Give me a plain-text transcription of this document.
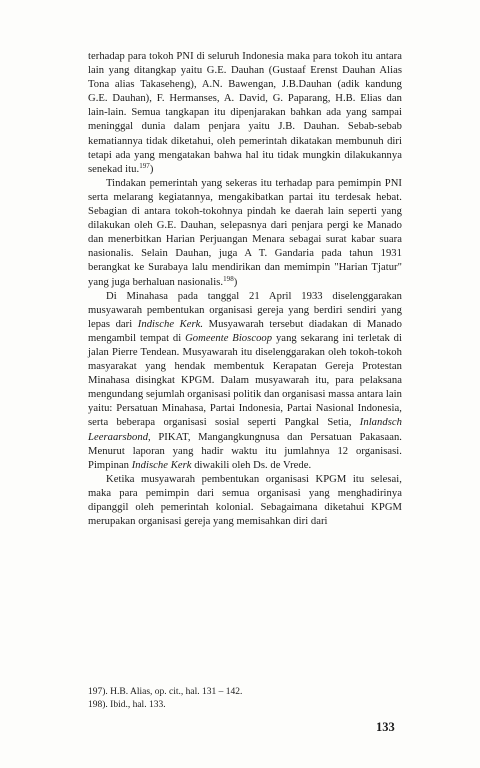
terhadap para tokoh PNI di seluruh Indonesia maka para tokoh itu antara lain yang ditangkap yaitu G.E. Dauhan (Gustaaf Erenst Dauhan Alias Tona alias Takaseheng), A.N. Bawengan, J.B.Dauhan (adik kandung G.E. Dauhan), F. Hermanses, A. David, G. Paparang, H.B. Elias dan lain-lain. Semua tangkapan itu dipenjarakan bahkan ada yang sampai meninggal dunia dalam penjara yaitu J.B. Dauhan. Sebab-sebab kematiannya tidak diketahui, oleh pemerintah dikatakan membunuh diri tetapi ada yang mengatakan bahwa hal itu tidak mungkin dilakukannya senekad itu.$^{197}$)

Tindakan pemerintah yang sekeras itu terhadap para pemimpin PNI serta melarang kegiatannya, mengakibatkan partai itu terdesak hebat. Sebagian di antara tokoh-tokohnya pindah ke daerah lain seperti yang dilakukan oleh G.E. Dauhan, selepasnya dari penjara pergi ke Manado dan menerbitkan Harian Perjuangan Menara sebagai surat kabar suara nasionalis. Selain Dauhan, juga A T. Gandaria pada tahun 1931 berangkat ke Surabaya lalu mendirikan dan memimpin "Harian Tjatur" yang juga berhaluan nasionalis.$^{198}$)

Di Minahasa pada tanggal 21 April 1933 diselenggarakan musyawarah pembentukan organisasi gereja yang berdiri sendiri yang lepas dari Indische Kerk. Musyawarah tersebut diadakan di Manado mengambil tempat di Gomeente Bioscoop yang sekarang ini terletak di jalan Pierre Tendean. Musyawarah itu diselenggarakan oleh tokoh-tokoh masyarakat yang hendak membentuk Kerapatan Gereja Protestan Minahasa disingkat KPGM. Dalam musyawarah itu, para pelaksana mengundang sejumlah organisasi politik dan organisasi massa antara lain yaitu: Persatuan Minahasa, Partai Indonesia, Partai Nasional Indonesia, serta beberapa organisasi sosial seperti Pangkal Setia, Inlandsch Leeraarsbond, PIKAT, Mangangkungnusa dan Persatuan Pakasaan. Menurut laporan yang hadir waktu itu jumlahnya 12 organisasi. Pimpinan Indische Kerk diwakili oleh Ds. de Vrede.

Ketika musyawarah pembentukan organisasi KPGM itu selesai, maka para pemimpin dari semua organisasi yang menghadirinya dipanggil oleh pemerintah kolonial. Sebagaimana diketahui KPGM merupakan organisasi gereja yang memisahkan diri dari

197). H.B. Alias, op. cit., hal. 131 – 142.
198). Ibid., hal. 133.
133
